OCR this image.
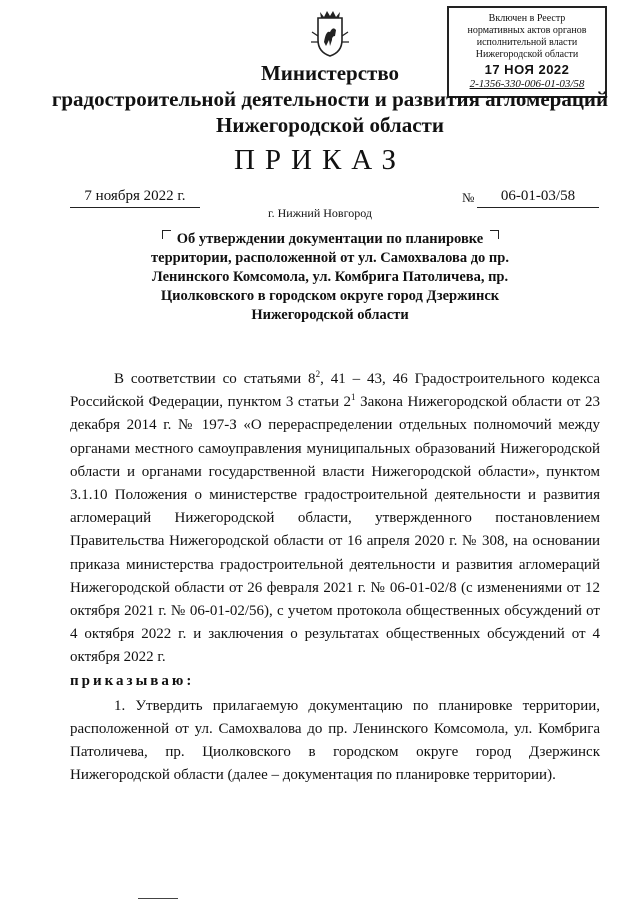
Включен в Реестр
нормативных актов органов
исполнительной власти
Нижегородской области
17 НОЯ 2022
2-1356-330-006-01-03/58
Министерство
градостроительной деятельности и развития агломераций
Нижегородской области
ПРИКАЗ
7 ноября 2022 г.	№	06-01-03/58
г. Нижний Новгород
Об утверждении документации по планировке территории, расположенной от ул. Самохвалова до пр. Ленинского Комсомола, ул. Комбрига Патоличева, пр. Циолковского в городском округе город Дзержинск Нижегородской области

В соответствии со статьями $8^2$, 41 – 43, 46 Градостроительного кодекса Российской Федерации, пунктом 3 статьи $2^1$ Закона Нижегородской области от 23 декабря 2014 г. № 197-З «О перераспределении отдельных полномочий между органами местного самоуправления муниципальных образований Нижегородской области и органами государственной власти Нижегородской области», пунктом 3.1.10 Положения о министерстве градостроительной деятельности и развития агломераций Нижегородской области, утвержденного постановлением Правительства Нижегородской области от 16 апреля 2020 г. № 308, на основании приказа министерства градостроительной деятельности и развития агломераций Нижегородской области от 26 февраля 2021 г. № 06-01-02/8 (с изменениями от 12 октября 2021 г. № 06-01-02/56), с учетом протокола общественных обсуждений от 4 октября 2022 г. и заключения о результатах общественных обсуждений от 4 октября 2022 г.

приказываю:

1. Утвердить прилагаемую документацию по планировке территории, расположенной от ул. Самохвалова до пр. Ленинского Комсомола, ул. Комбрига Патоличева, пр. Циолковского в городском округе город Дзержинск Нижегородской области (далее – документация по планировке территории).
